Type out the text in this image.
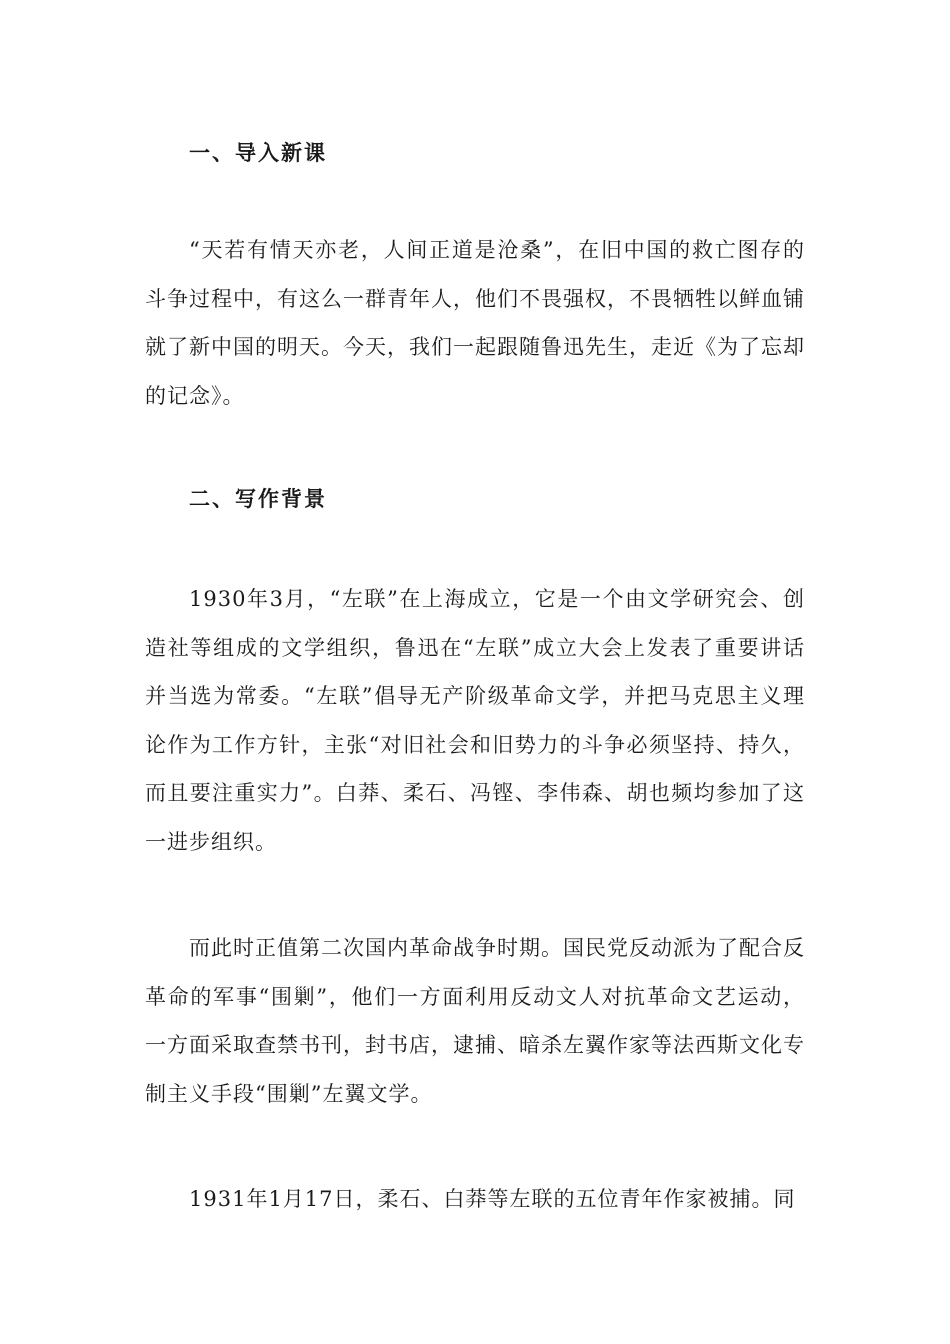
一、导入新课

“天若有情天亦老，人间正道是沧桑”，在旧中国的救亡图存的斗争过程中，有这么一群青年人，他们不畏强权，不畏牺牲以鲜血铺就了新中国的明天。今天，我们一起跟随鲁迅先生，走近《为了忘却的记念》。

二、写作背景

1930年3月，“左联”在上海成立，它是一个由文学研究会、创造社等组成的文学组织，鲁迅在“左联”成立大会上发表了重要讲话并当选为常委。“左联”倡导无产阶级革命文学，并把马克思主义理论作为工作方针，主张“对旧社会和旧势力的斗争必须坚持、持久，而且要注重实力”。白莽、柔石、冯铿、李伟森、胡也频均参加了这一进步组织。

而此时正值第二次国内革命战争时期。国民党反动派为了配合反革命的军事“围剿”，他们一方面利用反动文人对抗革命文艺运动，一方面采取查禁书刊，封书店，逮捕、暗杀左翼作家等法西斯文化专制主义手段“围剿”左翼文学。

1931年1月17日，柔石、白莽等左联的五位青年作家被捕。同
